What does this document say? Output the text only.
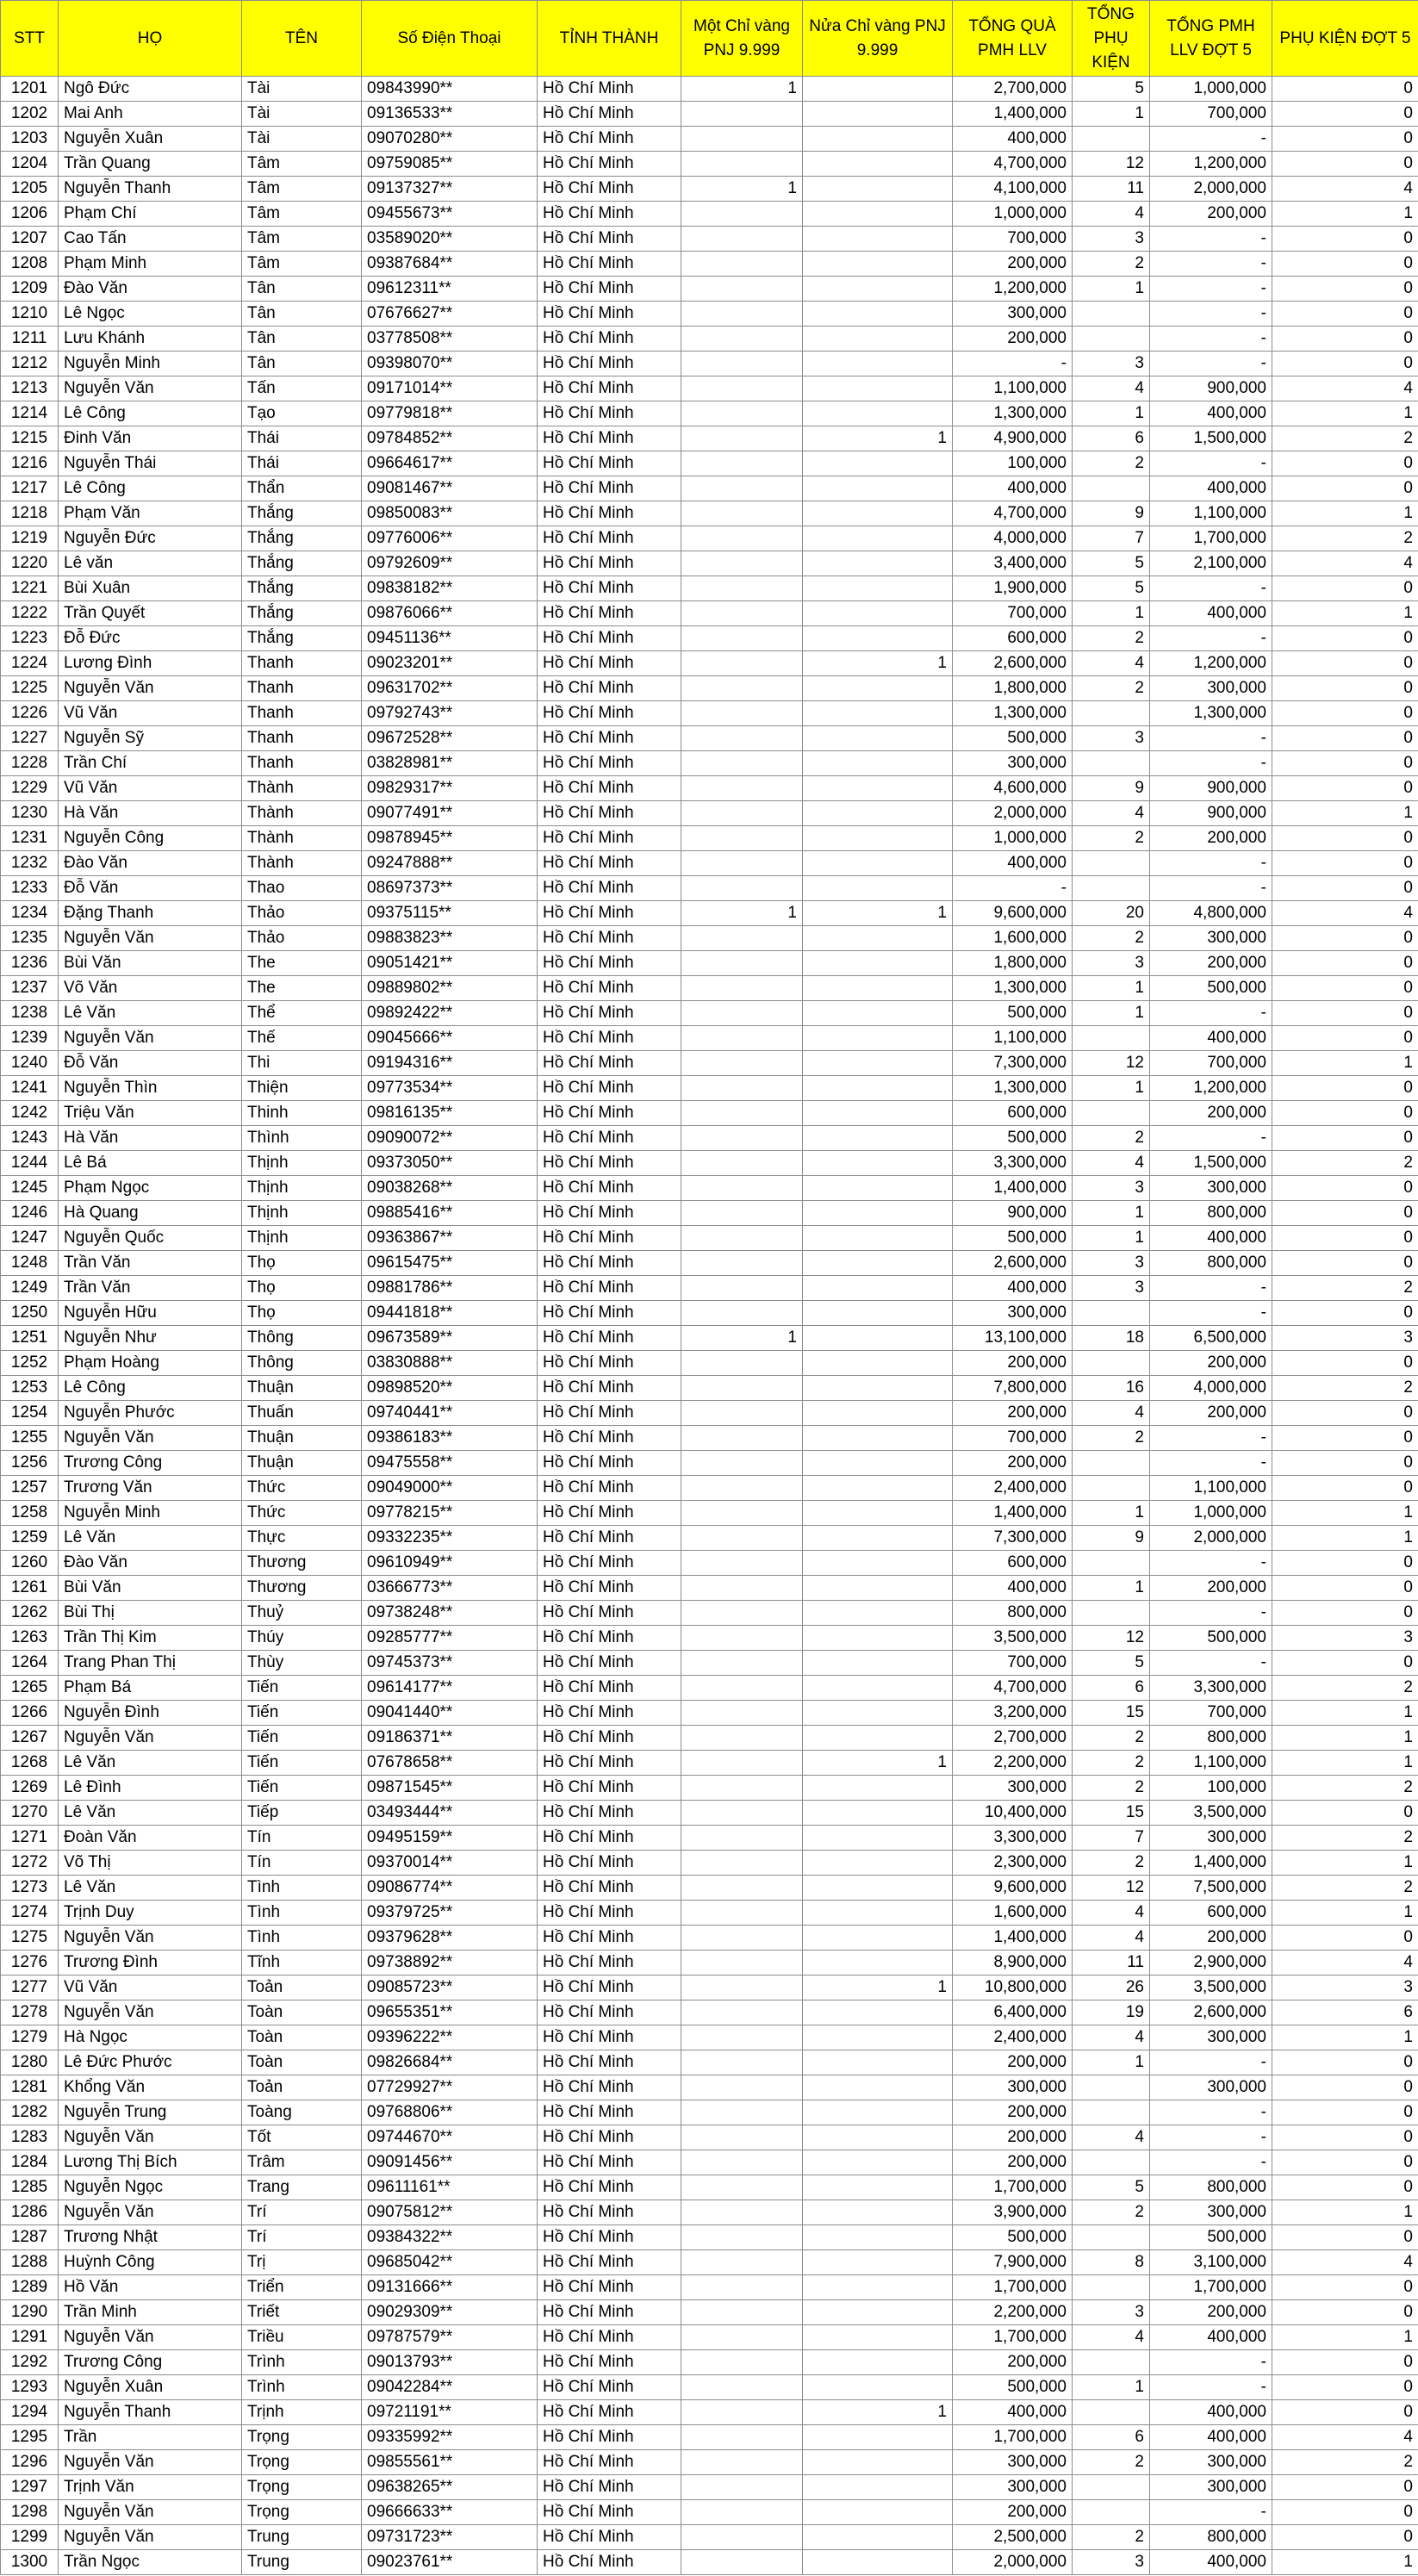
STT	HỌ	TÊN	Số Điện Thoại	TỈNH THÀNH	Một Chỉ vàng PNJ 9.999	Nửa Chỉ vàng PNJ 9.999	TỔNG QUÀ PMH LLV	TỔNG PHỤ KIỆN	TỔNG PMH LLV ĐỢT 5	PHỤ KIỆN ĐỢT 5
1201	Ngô Đức	Tài	09843990**	Hồ Chí Minh	1		2,700,000	5	1,000,000	0
1202	Mai Anh	Tài	09136533**	Hồ Chí Minh			1,400,000	1	700,000	0
1203	Nguyễn Xuân	Tài	09070280**	Hồ Chí Minh			400,000		-	0
1204	Trần Quang	Tâm	09759085**	Hồ Chí Minh			4,700,000	12	1,200,000	0
1205	Nguyễn Thanh	Tâm	09137327**	Hồ Chí Minh	1		4,100,000	11	2,000,000	4
1206	Phạm Chí	Tâm	09455673**	Hồ Chí Minh			1,000,000	4	200,000	1
1207	Cao Tấn	Tâm	03589020**	Hồ Chí Minh			700,000	3	-	0
1208	Phạm Minh	Tâm	09387684**	Hồ Chí Minh			200,000	2	-	0
1209	Đào Văn	Tân	09612311**	Hồ Chí Minh			1,200,000	1	-	0
1210	Lê Ngọc	Tân	07676627**	Hồ Chí Minh			300,000		-	0
1211	Lưu Khánh	Tân	03778508**	Hồ Chí Minh			200,000		-	0
1212	Nguyễn Minh	Tân	09398070**	Hồ Chí Minh			-	3	-	0
1213	Nguyễn Văn	Tấn	09171014**	Hồ Chí Minh			1,100,000	4	900,000	4
1214	Lê Công	Tạo	09779818**	Hồ Chí Minh			1,300,000	1	400,000	1
1215	Đinh Văn	Thái	09784852**	Hồ Chí Minh		1	4,900,000	6	1,500,000	2
1216	Nguyễn Thái	Thái	09664617**	Hồ Chí Minh			100,000	2	-	0
1217	Lê Công	Thẩn	09081467**	Hồ Chí Minh			400,000		400,000	0
1218	Phạm Văn	Thắng	09850083**	Hồ Chí Minh			4,700,000	9	1,100,000	1
1219	Nguyễn Đức	Thắng	09776006**	Hồ Chí Minh			4,000,000	7	1,700,000	2
1220	Lê văn	Thắng	09792609**	Hồ Chí Minh			3,400,000	5	2,100,000	4
1221	Bùi Xuân	Thắng	09838182**	Hồ Chí Minh			1,900,000	5	-	0
1222	Trần Quyết	Thắng	09876066**	Hồ Chí Minh			700,000	1	400,000	1
1223	Đỗ Đức	Thắng	09451136**	Hồ Chí Minh			600,000	2	-	0
1224	Lương Đình	Thanh	09023201**	Hồ Chí Minh		1	2,600,000	4	1,200,000	0
1225	Nguyễn Văn	Thanh	09631702**	Hồ Chí Minh			1,800,000	2	300,000	0
1226	Vũ Văn	Thanh	09792743**	Hồ Chí Minh			1,300,000		1,300,000	0
1227	Nguyễn Sỹ	Thanh	09672528**	Hồ Chí Minh			500,000	3	-	0
1228	Trần Chí	Thanh	03828981**	Hồ Chí Minh			300,000		-	0
1229	Vũ Văn	Thành	09829317**	Hồ Chí Minh			4,600,000	9	900,000	0
1230	Hà Văn	Thành	09077491**	Hồ Chí Minh			2,000,000	4	900,000	1
1231	Nguyễn Công	Thành	09878945**	Hồ Chí Minh			1,000,000	2	200,000	0
1232	Đào Văn	Thành	09247888**	Hồ Chí Minh			400,000		-	0
1233	Đỗ Văn	Thao	08697373**	Hồ Chí Minh			-		-	0
1234	Đặng Thanh	Thảo	09375115**	Hồ Chí Minh	1	1	9,600,000	20	4,800,000	4
1235	Nguyễn Văn	Thảo	09883823**	Hồ Chí Minh			1,600,000	2	300,000	0
1236	Bùi Văn	The	09051421**	Hồ Chí Minh			1,800,000	3	200,000	0
1237	Võ Văn	The	09889802**	Hồ Chí Minh			1,300,000	1	500,000	0
1238	Lê Văn	Thể	09892422**	Hồ Chí Minh			500,000	1	-	0
1239	Nguyễn Văn	Thế	09045666**	Hồ Chí Minh			1,100,000		400,000	0
1240	Đỗ Văn	Thi	09194316**	Hồ Chí Minh			7,300,000	12	700,000	1
1241	Nguyễn Thìn	Thiện	09773534**	Hồ Chí Minh			1,300,000	1	1,200,000	0
1242	Triệu Văn	Thinh	09816135**	Hồ Chí Minh			600,000		200,000	0
1243	Hà Văn	Thình	09090072**	Hồ Chí Minh			500,000	2	-	0
1244	Lê Bá	Thịnh	09373050**	Hồ Chí Minh			3,300,000	4	1,500,000	2
1245	Phạm Ngọc	Thịnh	09038268**	Hồ Chí Minh			1,400,000	3	300,000	0
1246	Hà Quang	Thịnh	09885416**	Hồ Chí Minh			900,000	1	800,000	0
1247	Nguyễn Quốc	Thịnh	09363867**	Hồ Chí Minh			500,000	1	400,000	0
1248	Trần Văn	Thọ	09615475**	Hồ Chí Minh			2,600,000	3	800,000	0
1249	Trần Văn	Thọ	09881786**	Hồ Chí Minh			400,000	3	-	2
1250	Nguyễn Hữu	Thọ	09441818**	Hồ Chí Minh			300,000		-	0
1251	Nguyễn Như	Thông	09673589**	Hồ Chí Minh	1		13,100,000	18	6,500,000	3
1252	Phạm Hoàng	Thông	03830888**	Hồ Chí Minh			200,000		200,000	0
1253	Lê Công	Thuận	09898520**	Hồ Chí Minh			7,800,000	16	4,000,000	2
1254	Nguyễn Phước	Thuấn	09740441**	Hồ Chí Minh			200,000	4	200,000	0
1255	Nguyễn Văn	Thuận	09386183**	Hồ Chí Minh			700,000	2	-	0
1256	Trương Công	Thuận	09475558**	Hồ Chí Minh			200,000		-	0
1257	Trương Văn	Thức	09049000**	Hồ Chí Minh			2,400,000		1,100,000	0
1258	Nguyễn Minh	Thức	09778215**	Hồ Chí Minh			1,400,000	1	1,000,000	1
1259	Lê Văn	Thực	09332235**	Hồ Chí Minh			7,300,000	9	2,000,000	1
1260	Đào Văn	Thương	09610949**	Hồ Chí Minh			600,000		-	0
1261	Bùi Văn	Thương	03666773**	Hồ Chí Minh			400,000	1	200,000	0
1262	Bùi Thị	Thuỷ	09738248**	Hồ Chí Minh			800,000		-	0
1263	Trần Thị Kim	Thúy	09285777**	Hồ Chí Minh			3,500,000	12	500,000	3
1264	Trang Phan Thị	Thùy	09745373**	Hồ Chí Minh			700,000	5	-	0
1265	Phạm Bá	Tiến	09614177**	Hồ Chí Minh			4,700,000	6	3,300,000	2
1266	Nguyễn Đình	Tiến	09041440**	Hồ Chí Minh			3,200,000	15	700,000	1
1267	Nguyễn Văn	Tiến	09186371**	Hồ Chí Minh			2,700,000	2	800,000	1
1268	Lê Văn	Tiến	07678658**	Hồ Chí Minh		1	2,200,000	2	1,100,000	1
1269	Lê Đình	Tiến	09871545**	Hồ Chí Minh			300,000	2	100,000	2
1270	Lê Văn	Tiếp	03493444**	Hồ Chí Minh			10,400,000	15	3,500,000	0
1271	Đoàn Văn	Tín	09495159**	Hồ Chí Minh			3,300,000	7	300,000	2
1272	Võ Thị	Tín	09370014**	Hồ Chí Minh			2,300,000	2	1,400,000	1
1273	Lê Văn	Tình	09086774**	Hồ Chí Minh			9,600,000	12	7,500,000	2
1274	Trịnh Duy	Tình	09379725**	Hồ Chí Minh			1,600,000	4	600,000	1
1275	Nguyễn Văn	Tình	09379628**	Hồ Chí Minh			1,400,000	4	200,000	0
1276	Trương Đình	Tĩnh	09738892**	Hồ Chí Minh			8,900,000	11	2,900,000	4
1277	Vũ Văn	Toản	09085723**	Hồ Chí Minh		1	10,800,000	26	3,500,000	3
1278	Nguyễn Văn	Toàn	09655351**	Hồ Chí Minh			6,400,000	19	2,600,000	6
1279	Hà Ngọc	Toàn	09396222**	Hồ Chí Minh			2,400,000	4	300,000	1
1280	Lê Đức Phước	Toàn	09826684**	Hồ Chí Minh			200,000	1	-	0
1281	Khổng Văn	Toản	07729927**	Hồ Chí Minh			300,000		300,000	0
1282	Nguyễn Trung	Toàng	09768806**	Hồ Chí Minh			200,000		-	0
1283	Nguyễn Văn	Tốt	09744670**	Hồ Chí Minh			200,000	4	-	0
1284	Lương Thị Bích	Trâm	09091456**	Hồ Chí Minh			200,000		-	0
1285	Nguyễn Ngọc	Trang	09611161**	Hồ Chí Minh			1,700,000	5	800,000	0
1286	Nguyễn Văn	Trí	09075812**	Hồ Chí Minh			3,900,000	2	300,000	1
1287	Trương Nhật	Trí	09384322**	Hồ Chí Minh			500,000		500,000	0
1288	Huỳnh Công	Trị	09685042**	Hồ Chí Minh			7,900,000	8	3,100,000	4
1289	Hồ Văn	Triển	09131666**	Hồ Chí Minh			1,700,000		1,700,000	0
1290	Trần Minh	Triết	09029309**	Hồ Chí Minh			2,200,000	3	200,000	0
1291	Nguyễn Văn	Triều	09787579**	Hồ Chí Minh			1,700,000	4	400,000	1
1292	Trương Công	Trình	09013793**	Hồ Chí Minh			200,000		-	0
1293	Nguyễn Xuân	Trình	09042284**	Hồ Chí Minh			500,000	1	-	0
1294	Nguyễn Thanh	Trịnh	09721191**	Hồ Chí Minh		1	400,000		400,000	0
1295	Trần	Trọng	09335992**	Hồ Chí Minh			1,700,000	6	400,000	4
1296	Nguyễn Văn	Trọng	09855561**	Hồ Chí Minh			300,000	2	300,000	2
1297	Trịnh Văn	Trọng	09638265**	Hồ Chí Minh			300,000		300,000	0
1298	Nguyễn Văn	Trọng	09666633**	Hồ Chí Minh			200,000		-	0
1299	Nguyễn Văn	Trung	09731723**	Hồ Chí Minh			2,500,000	2	800,000	0
1300	Trần Ngọc	Trung	09023761**	Hồ Chí Minh			2,000,000	3	400,000	1
